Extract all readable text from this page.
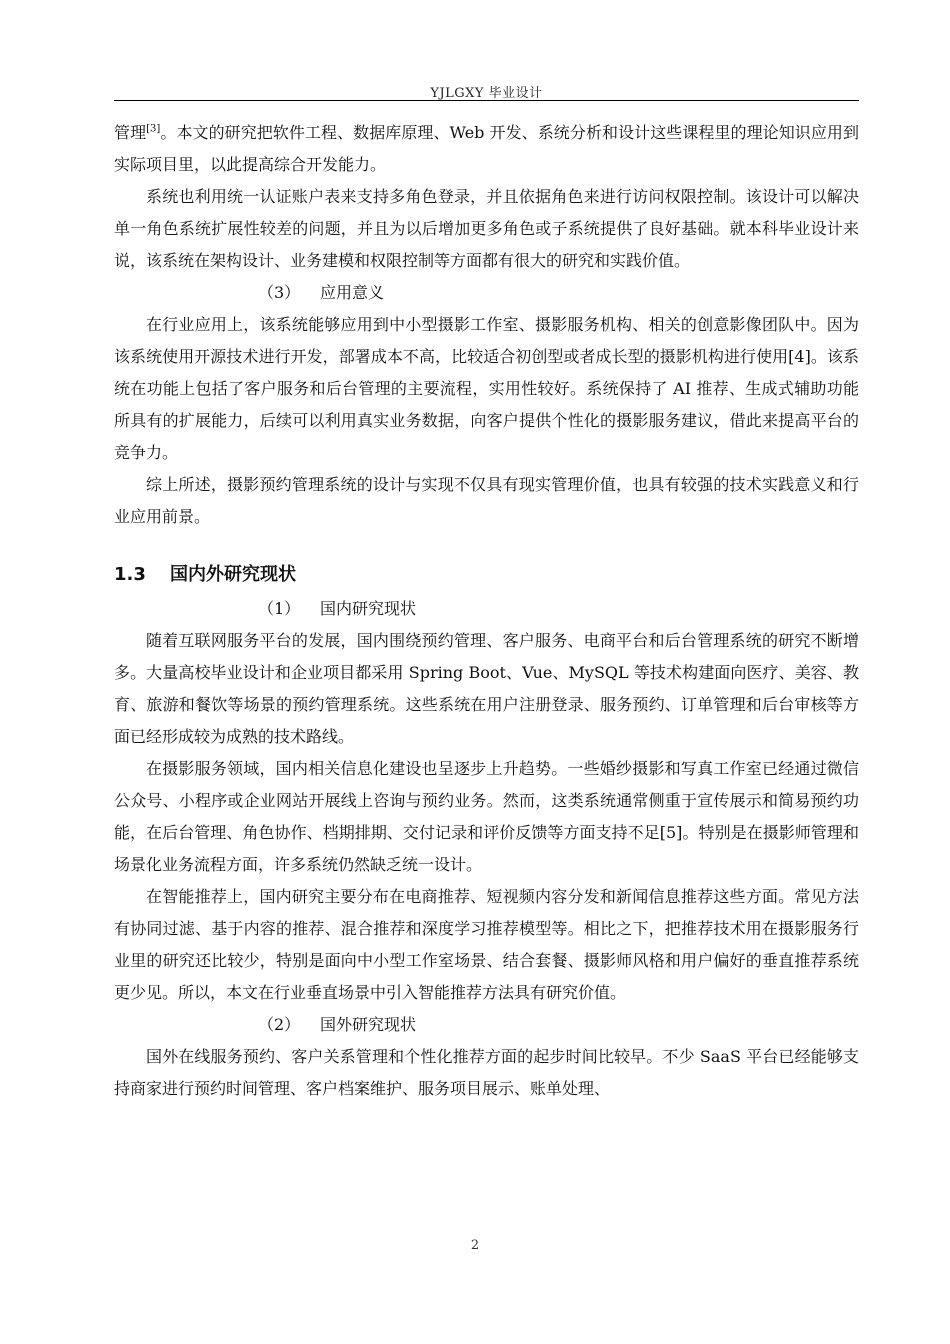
YJLGXY 毕业设计

管理[3]。本文的研究把软件工程、数据库原理、Web 开发、系统分析和设计这些课程里的理论知识应用到实际项目里，以此提高综合开发能力。

系统也利用统一认证账户表来支持多角色登录，并且依据角色来进行访问权限控制。该设计可以解决单一角色系统扩展性较差的问题，并且为以后增加更多角色或子系统提供了良好基础。就本科毕业设计来说，该系统在架构设计、业务建模和权限控制等方面都有很大的研究和实践价值。

（3） 应用意义

在行业应用上，该系统能够应用到中小型摄影工作室、摄影服务机构、相关的创意影像团队中。因为该系统使用开源技术进行开发，部署成本不高，比较适合初创型或者成长型的摄影机构进行使用[4]。该系统在功能上包括了客户服务和后台管理的主要流程，实用性较好。系统保持了 AI 推荐、生成式辅助功能所具有的扩展能力，后续可以利用真实业务数据，向客户提供个性化的摄影服务建议，借此来提高平台的竞争力。

综上所述，摄影预约管理系统的设计与实现不仅具有现实管理价值，也具有较强的技术实践意义和行业应用前景。

1.3 国内外研究现状
（1） 国内研究现状

随着互联网服务平台的发展，国内围绕预约管理、客户服务、电商平台和后台管理系统的研究不断增多。大量高校毕业设计和企业项目都采用 Spring Boot、Vue、MySQL 等技术构建面向医疗、美容、教育、旅游和餐饮等场景的预约管理系统。这些系统在用户注册登录、服务预约、订单管理和后台审核等方面已经形成较为成熟的技术路线。

在摄影服务领域，国内相关信息化建设也呈逐步上升趋势。一些婚纱摄影和写真工作室已经通过微信公众号、小程序或企业网站开展线上咨询与预约业务。然而，这类系统通常侧重于宣传展示和简易预约功能，在后台管理、角色协作、档期排期、交付记录和评价反馈等方面支持不足[5]。特别是在摄影师管理和场景化业务流程方面，许多系统仍然缺乏统一设计。

在智能推荐上，国内研究主要分布在电商推荐、短视频内容分发和新闻信息推荐这些方面。常见方法有协同过滤、基于内容的推荐、混合推荐和深度学习推荐模型等。相比之下，把推荐技术用在摄影服务行业里的研究还比较少，特别是面向中小型工作室场景、结合套餐、摄影师风格和用户偏好的垂直推荐系统更少见。所以，本文在行业垂直场景中引入智能推荐方法具有研究价值。

（2） 国外研究现状

国外在线服务预约、客户关系管理和个性化推荐方面的起步时间比较早。不少 SaaS 平台已经能够支持商家进行预约时间管理、客户档案维护、服务项目展示、账单处理、

2
